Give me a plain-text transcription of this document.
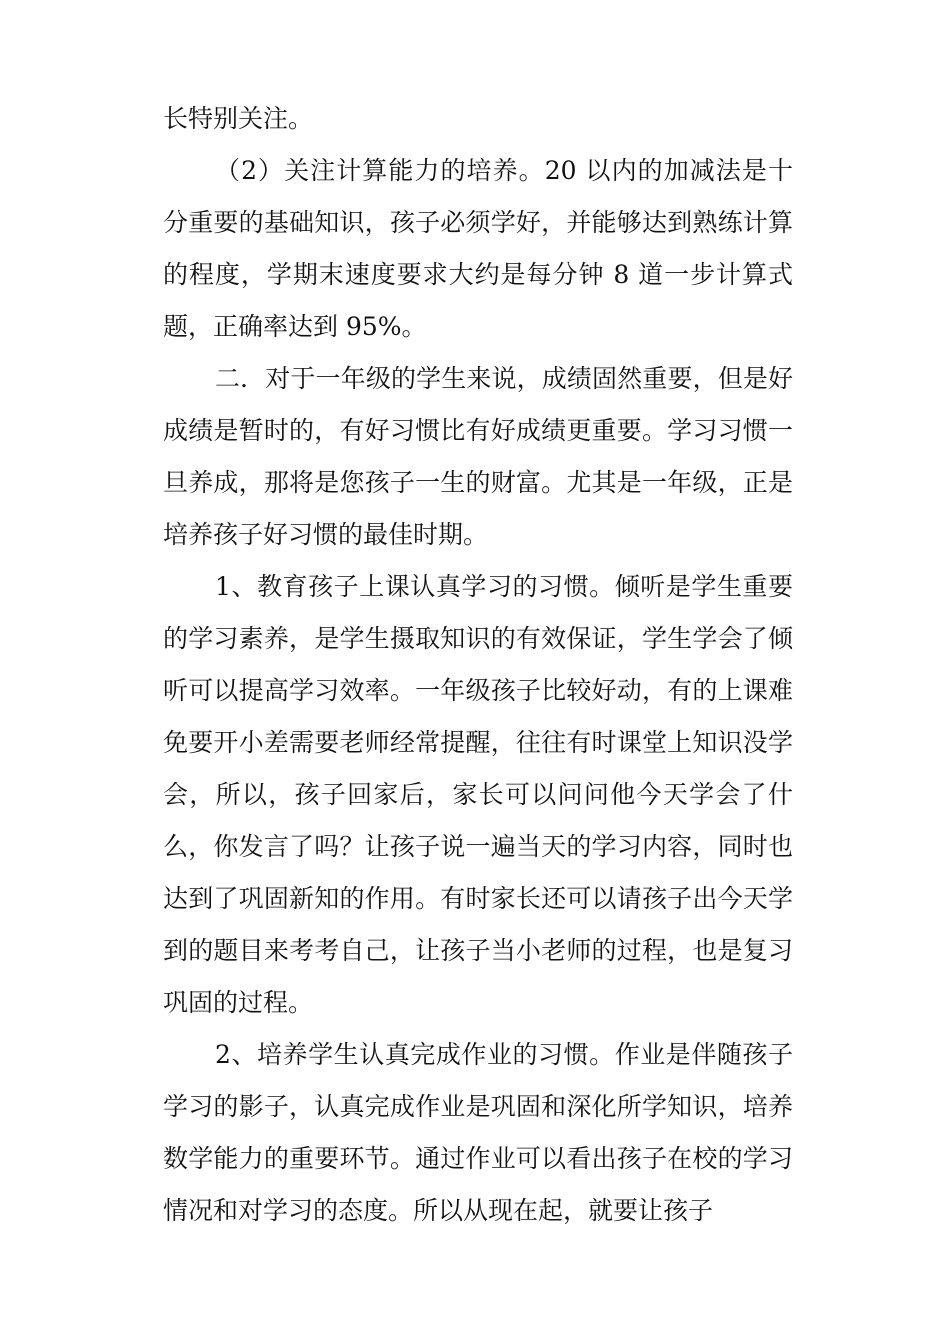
长特别关注。

（2）关注计算能力的培养。20 以内的加减法是十分重要的基础知识，孩子必须学好，并能够达到熟练计算的程度，学期末速度要求大约是每分钟 8 道一步计算式题，正确率达到 95%。

二．对于一年级的学生来说，成绩固然重要，但是好成绩是暂时的，有好习惯比有好成绩更重要。学习习惯一旦养成，那将是您孩子一生的财富。尤其是一年级，正是培养孩子好习惯的最佳时期。

1、教育孩子上课认真学习的习惯。倾听是学生重要的学习素养，是学生摄取知识的有效保证，学生学会了倾听可以提高学习效率。一年级孩子比较好动，有的上课难免要开小差需要老师经常提醒，往往有时课堂上知识没学会，所以，孩子回家后，家长可以问问他今天学会了什么，你发言了吗？让孩子说一遍当天的学习内容，同时也达到了巩固新知的作用。有时家长还可以请孩子出今天学到的题目来考考自己，让孩子当小老师的过程，也是复习巩固的过程。

2、培养学生认真完成作业的习惯。作业是伴随孩子学习的影子，认真完成作业是巩固和深化所学知识，培养数学能力的重要环节。通过作业可以看出孩子在校的学习情况和对学习的态度。所以从现在起，就要让孩子
